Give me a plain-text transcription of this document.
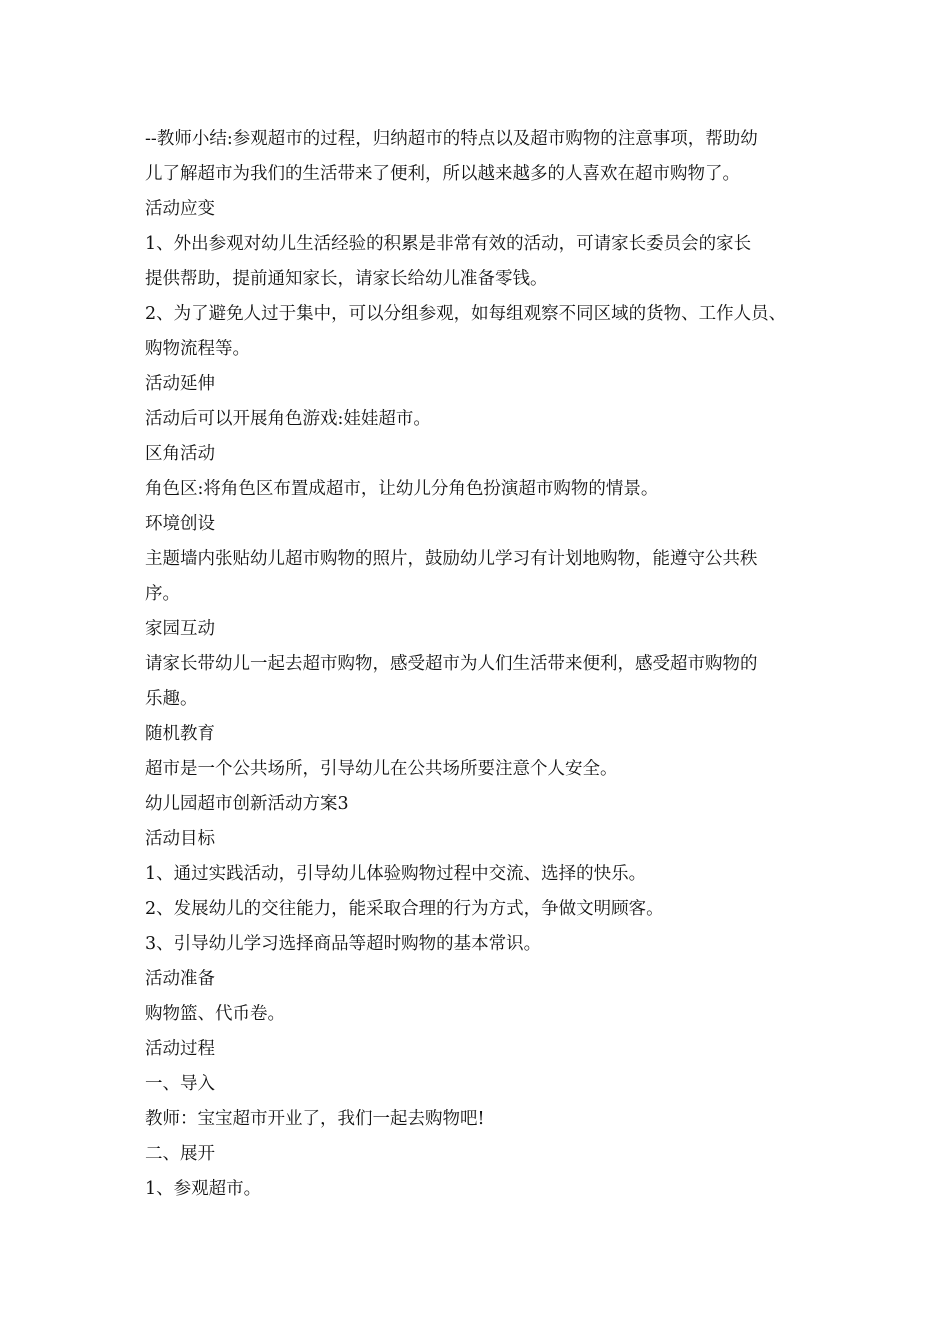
--教师小结:参观超市的过程，归纳超市的特点以及超市购物的注意事项，帮助幼

儿了解超市为我们的生活带来了便利，所以越来越多的人喜欢在超市购物了。

活动应变

1、外出参观对幼儿生活经验的积累是非常有效的活动，可请家长委员会的家长

提供帮助，提前通知家长，请家长给幼儿准备零钱。

2、为了避免人过于集中，可以分组参观，如每组观察不同区域的货物、工作人员、

购物流程等。

活动延伸

活动后可以开展角色游戏:娃娃超市。

区角活动

角色区:将角色区布置成超市，让幼儿分角色扮演超市购物的情景。

环境创设

主题墙内张贴幼儿超市购物的照片，鼓励幼儿学习有计划地购物，能遵守公共秩

序。

家园互动

请家长带幼儿一起去超市购物，感受超市为人们生活带来便利，感受超市购物的

乐趣。

随机教育

超市是一个公共场所，引导幼儿在公共场所要注意个人安全。

幼儿园超市创新活动方案3

活动目标

1、通过实践活动，引导幼儿体验购物过程中交流、选择的快乐。

2、发展幼儿的交往能力，能采取合理的行为方式，争做文明顾客。

3、引导幼儿学习选择商品等超时购物的基本常识。

活动准备

购物篮、代币卷。

活动过程

一、导入

教师：宝宝超市开业了，我们一起去购物吧!

二、展开

1、参观超市。
